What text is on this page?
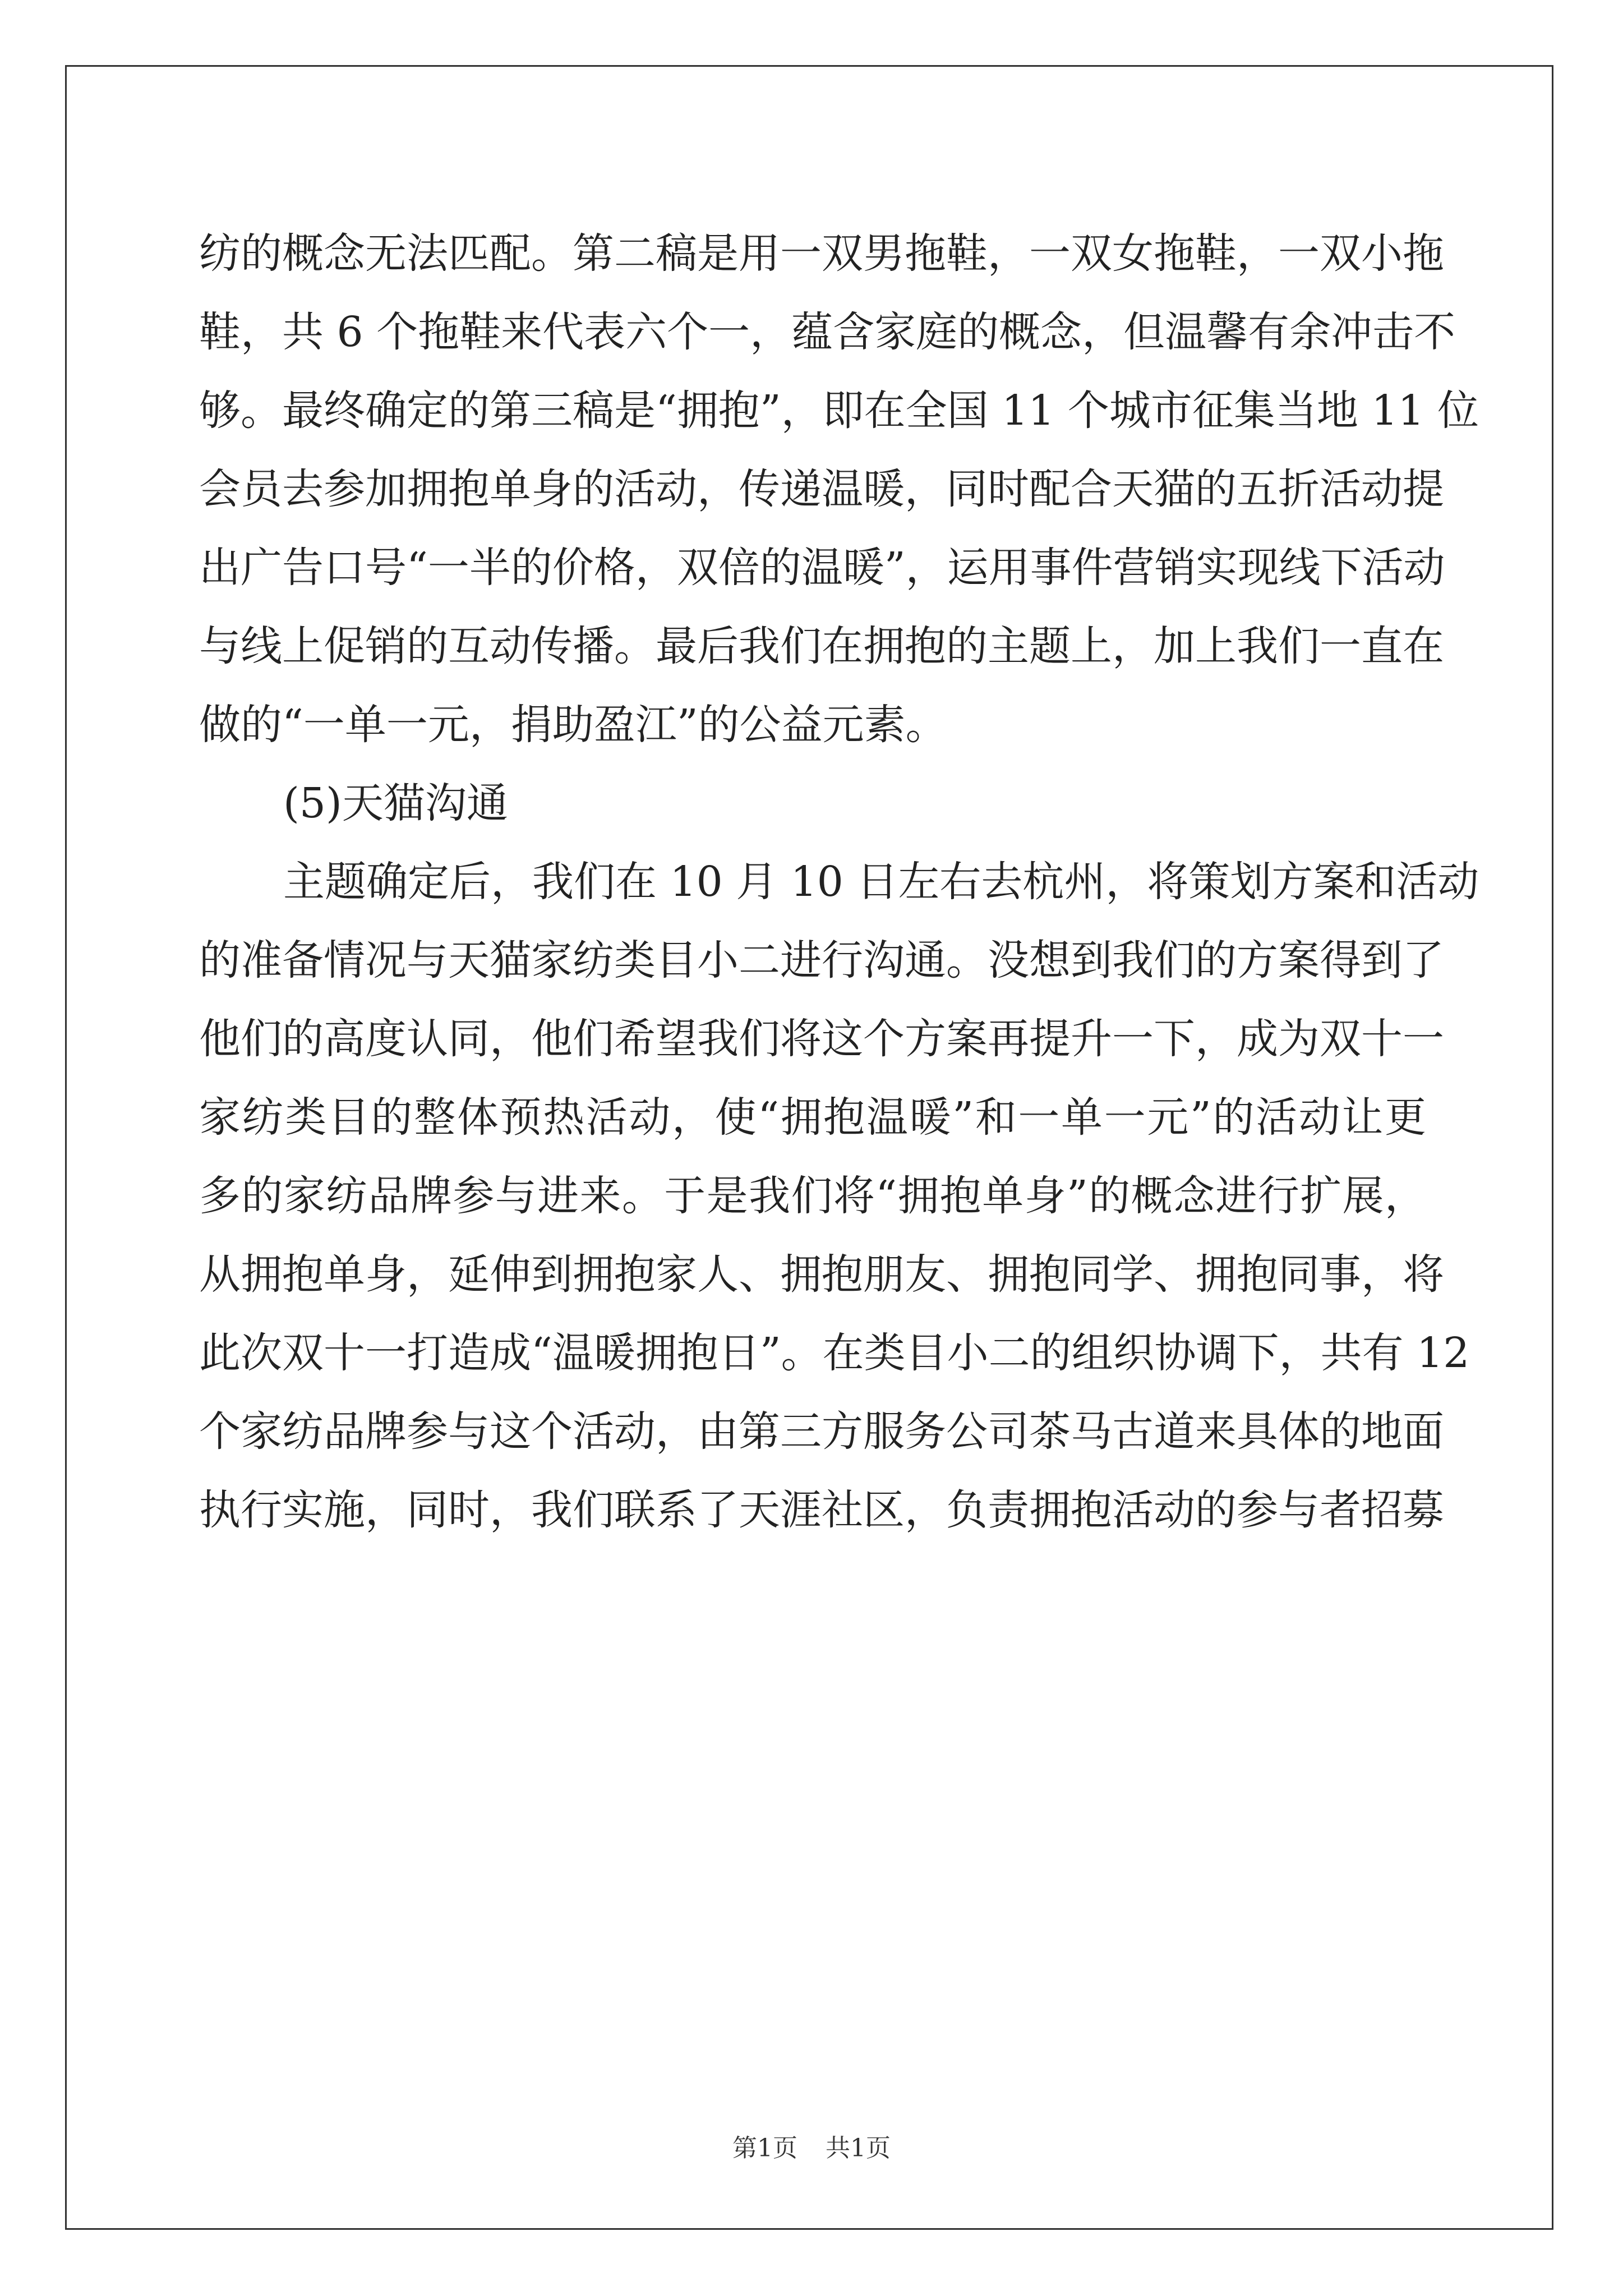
纺的概念无法匹配。第二稿是用一双男拖鞋，一双女拖鞋，一双小拖
鞋，共 6 个拖鞋来代表六个一，蕴含家庭的概念，但温馨有余冲击不
够。最终确定的第三稿是“拥抱”，即在全国 11 个城市征集当地 11 位
会员去参加拥抱单身的活动，传递温暖，同时配合天猫的五折活动提
出广告口号“一半的价格，双倍的温暖”，运用事件营销实现线下活动
与线上促销的互动传播。最后我们在拥抱的主题上，加上我们一直在
做的“一单一元，捐助盈江”的公益元素。
(5)天猫沟通
主题确定后，我们在 10 月 10 日左右去杭州，将策划方案和活动
的准备情况与天猫家纺类目小二进行沟通。没想到我们的方案得到了
他们的高度认同，他们希望我们将这个方案再提升一下，成为双十一
家纺类目的整体预热活动，使“拥抱温暖”和一单一元”的活动让更
多的家纺品牌参与进来。于是我们将“拥抱单身”的概念进行扩展，
从拥抱单身，延伸到拥抱家人、拥抱朋友、拥抱同学、拥抱同事，将
此次双十一打造成“温暖拥抱日”。在类目小二的组织协调下，共有 12
个家纺品牌参与这个活动，由第三方服务公司茶马古道来具体的地面
执行实施，同时，我们联系了天涯社区，负责拥抱活动的参与者招募
第1页 共1页
